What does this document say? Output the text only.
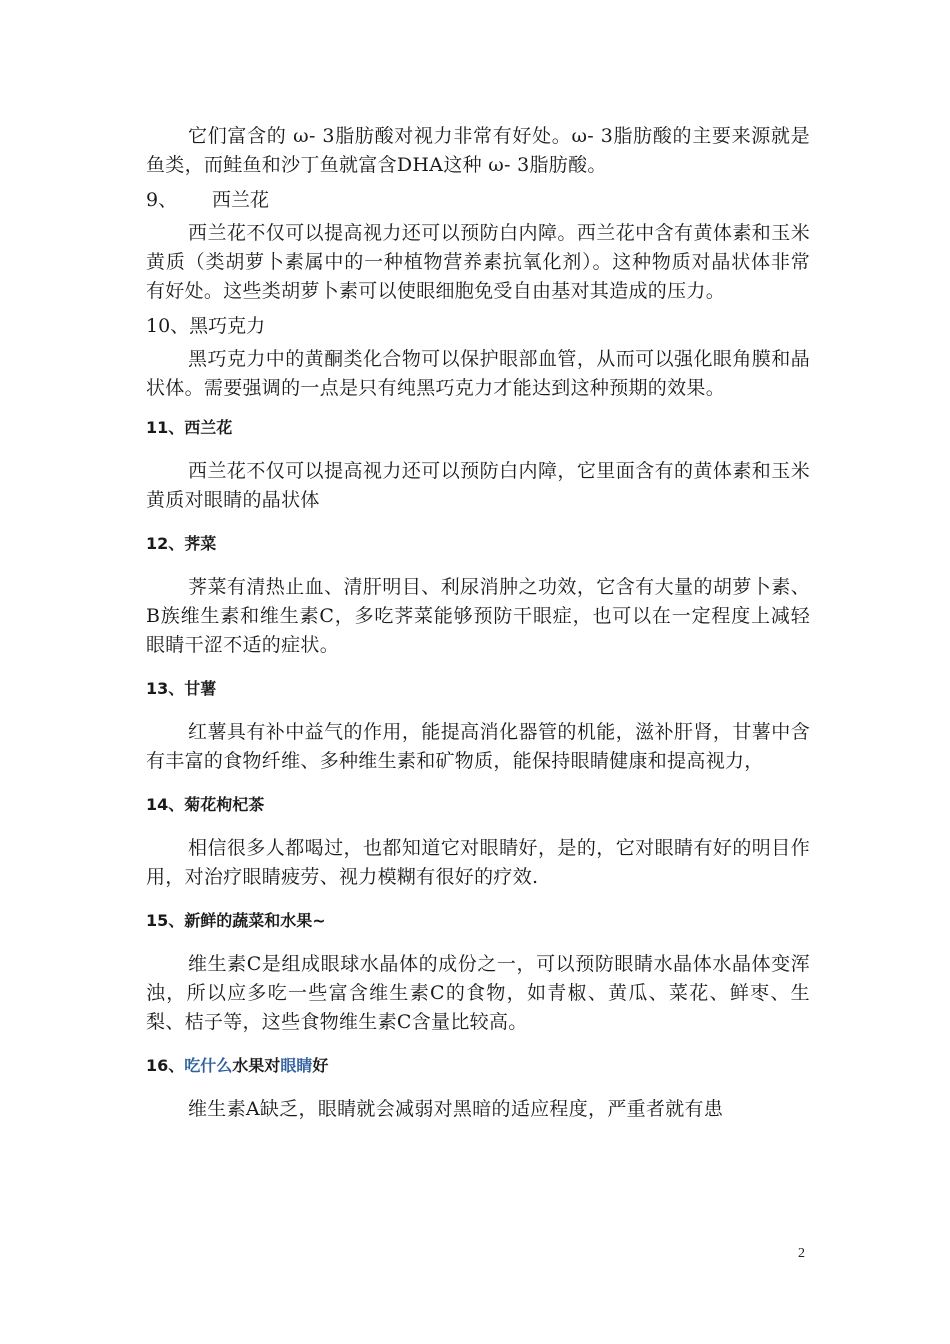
它们富含的 ω- 3脂肪酸对视力非常有好处。ω- 3脂肪酸的主要来源就是鱼类，而鲑鱼和沙丁鱼就富含DHA这种 ω- 3脂肪酸。

9、 西兰花

西兰花不仅可以提高视力还可以预防白内障。西兰花中含有黄体素和玉米黄质（类胡萝卜素属中的一种植物营养素抗氧化剂）。这种物质对晶状体非常有好处。这些类胡萝卜素可以使眼细胞免受自由基对其造成的压力。

10、黑巧克力

黑巧克力中的黄酮类化合物可以保护眼部血管，从而可以强化眼角膜和晶状体。需要强调的一点是只有纯黑巧克力才能达到这种预期的效果。

11、西兰花

西兰花不仅可以提高视力还可以预防白内障，它里面含有的黄体素和玉米黄质对眼睛的晶状体

12、荠菜

荠菜有清热止血、清肝明目、利尿消肿之功效，它含有大量的胡萝卜素、B族维生素和维生素C，多吃荠菜能够预防干眼症，也可以在一定程度上减轻眼睛干涩不适的症状。

13、甘薯

红薯具有补中益气的作用，能提高消化器管的机能，滋补肝肾，甘薯中含有丰富的食物纤维、多种维生素和矿物质，能保持眼睛健康和提高视力，

14、菊花枸杞茶

相信很多人都喝过，也都知道它对眼睛好，是的，它对眼睛有好的明目作用，对治疗眼睛疲劳、视力模糊有很好的疗效.

15、新鲜的蔬菜和水果~

维生素C是组成眼球水晶体的成份之一，可以预防眼睛水晶体水晶体变浑浊，所以应多吃一些富含维生素C的食物，如青椒、黄瓜、菜花、鲜枣、生梨、桔子等，这些食物维生素C含量比较高。

16、吃什么水果对眼睛好

维生素A缺乏，眼睛就会减弱对黑暗的适应程度，严重者就有患

2
